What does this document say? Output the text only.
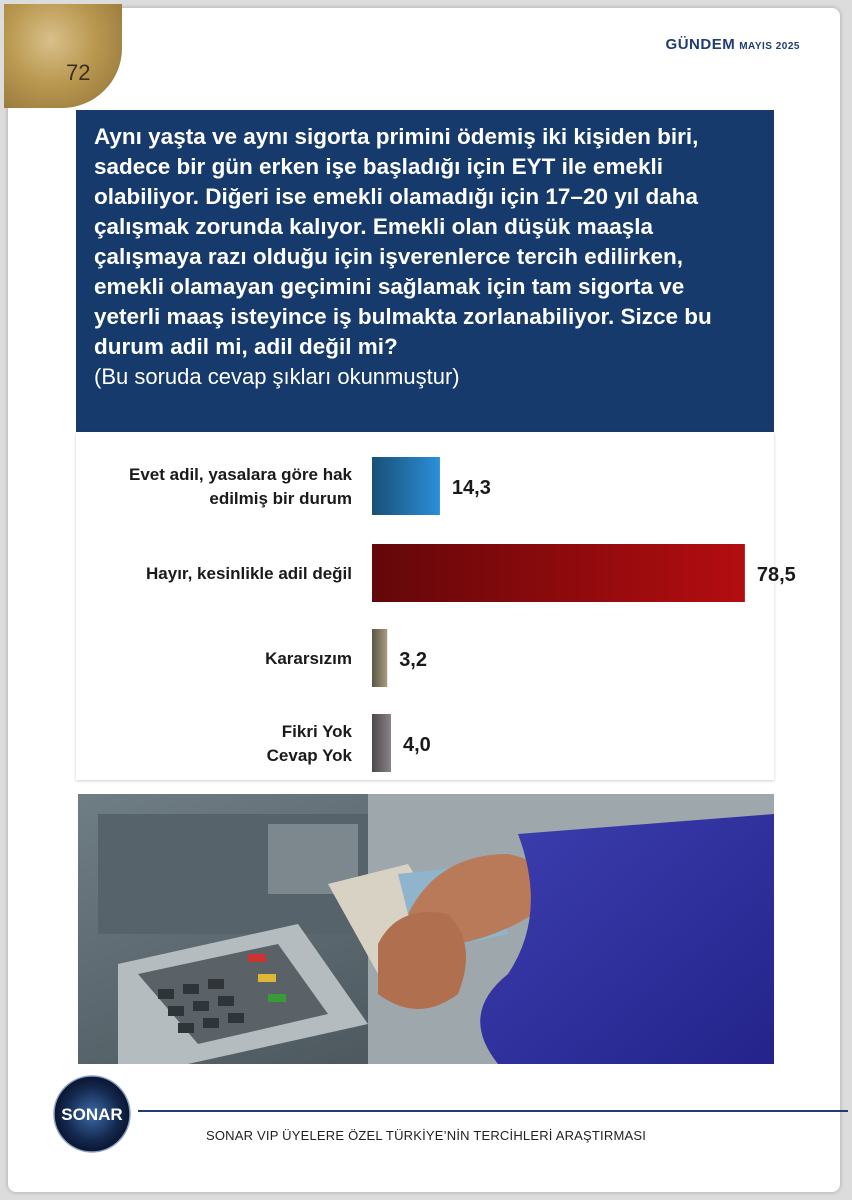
72
GÜNDEM MAYIS 2025
Aynı yaşta ve aynı sigorta primini ödemiş iki kişiden biri, sadece bir gün erken işe başladığı için EYT ile emekli olabiliyor. Diğeri ise emekli olamadığı için 17–20 yıl daha çalışmak zorunda kalıyor. Emekli olan düşük maaşla çalışmaya razı olduğu için işverenlerce tercih edilirken, emekli olamayan geçimini sağlamak için tam sigorta ve yeterli maaş isteyince iş bulmakta zorlanabiliyor. Sizce bu durum adil mi, adil değil mi?
(Bu soruda cevap şıkları okunmuştur)
14,3
Evet adil, yasalara göre hak
edilmiş bir durum
78,5
Hayır, kesinlikle adil değil
3,2
Kararsızım
4,0
Fikri Yok
Cevap Yok
SONAR
SONAR VIP ÜYELERE ÖZEL TÜRKİYE’NİN TERCİHLERİ ARAŞTIRMASI
